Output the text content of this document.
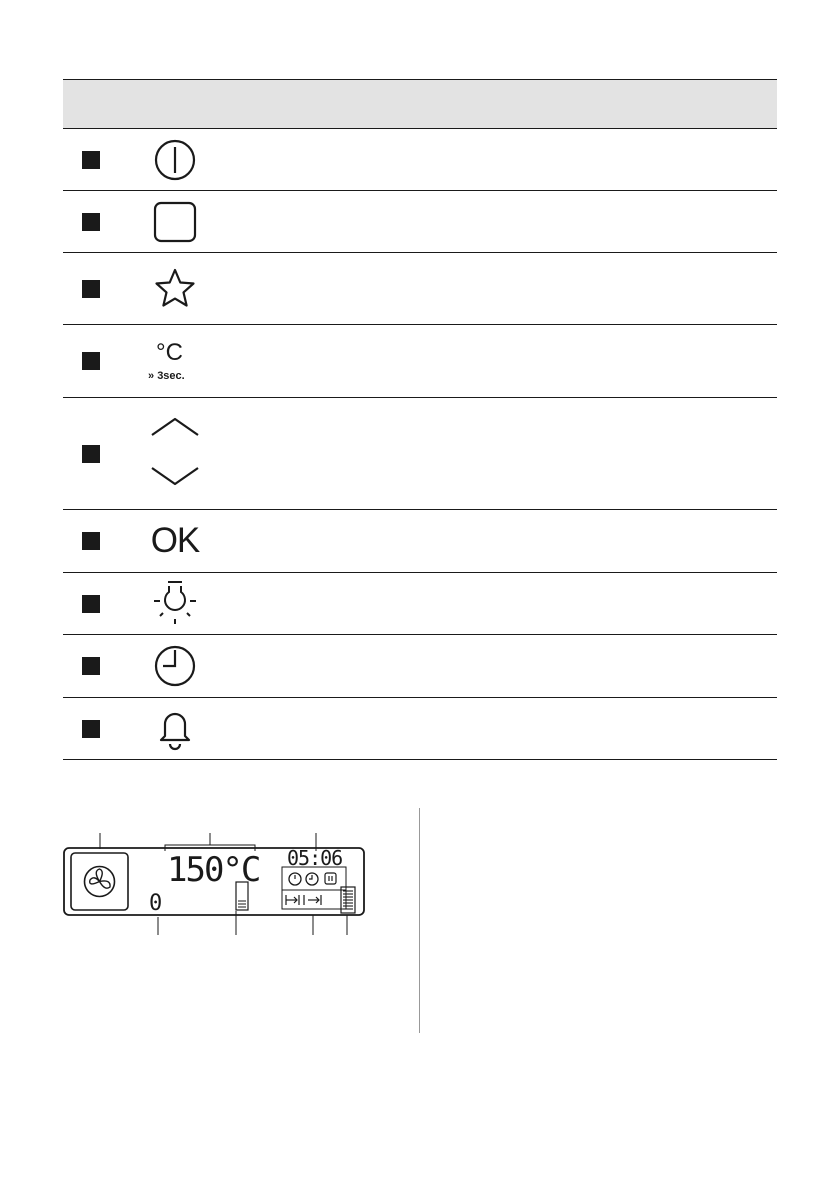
°C
» 3sec.
OK
150°C 05:06
0
